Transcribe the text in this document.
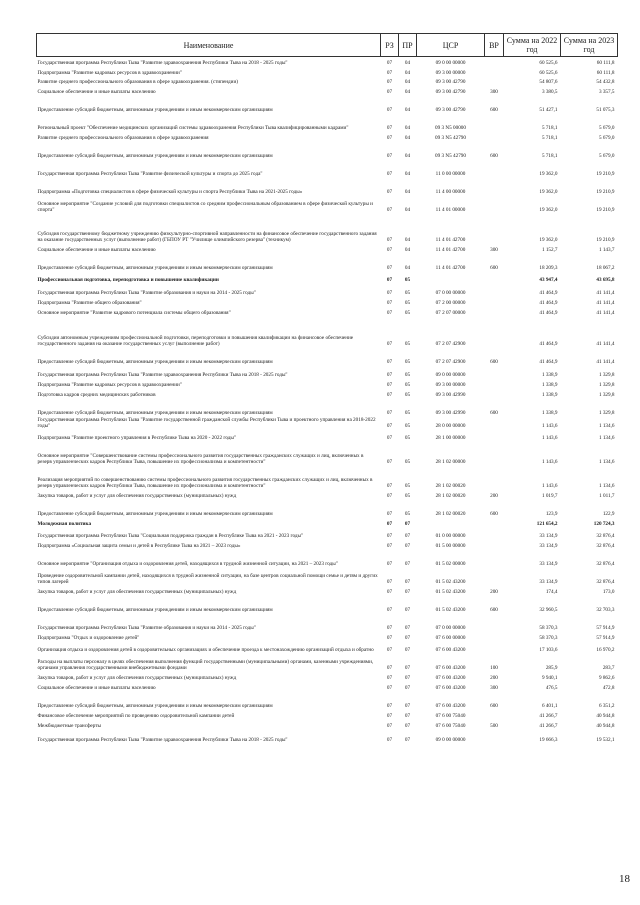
Наименование	РЗ	ПР	ЦСР	ВР	Сумма на 2022 год	Сумма на 2023 год
Государственная программа Республики Тыва "Развитие здравоохранения Республики Тыва на 2018 - 2025 годы"	07	04	09 0 00 00000		60 525,6	60 111,8
Подпрограмма "Развитие кадровых ресурсов в здравоохранении"	07	04	09 3 00 00000		60 525,6	60 111,8
Развитие среднего профессионального образования в сфере здравоохранения. (стипендии)	07	04	09 3 00 42790		54 807,6	54 432,8
Социальное обеспечение и иные выплаты населению	07	04	09 3 00 42790	300	3 380,5	3 357,5
Предоставление субсидий бюджетным, автономным учреждениям и иным некоммерческим организациям	07	04	09 3 00 42790	600	51 427,1	51 075,3
Региональный проект "Обеспечение медицинских организаций системы здравоохранения Республики Тыва квалифицированными кадрами"	07	04	09 3 N5 00000		5 718,1	5 679,0
Развитие среднего профессионального образования в сфере здравоохранения	07	04	09 3 N5 42790		5 718,1	5 679,0
Предоставление субсидий бюджетным, автономным учреждениям и иным некоммерческим организациям	07	04	09 3 N5 42790	600	5 718,1	5 679,0
Государственная программа Республики Тыва "Развитие физической культуры и спорта до 2025 года"	07	04	11 0 00 00000		19 362,0	19 210,9
Подпрограмма «Подготовка специалистов в сфере физической культуры и спорта Республики Тыва на 2021-2025 годы»	07	04	11 4 00 00000		19 362,0	19 210,9
Основное мероприятие "Создание условий для подготовки специалистов со средним профессиональным образованием в сфере физической культуры и спорта"	07	04	11 4 01 00000		19 362,0	19 210,9
Субсидия государственному бюджетному учреждению физкультурно-спортивной направленности на финансовое обеспечение государственного задания на оказание государственных услуг (выполнение работ) (ГБПОУ РТ "Училище олимпийского резерва" (техникум)	07	04	11 4 01 42700		19 362,0	19 210,9
Социальное обеспечение и иные выплаты населению	07	04	11 4 01 42700	300	1 152,7	1 143,7
Предоставление субсидий бюджетным, автономным учреждениям и иным некоммерческим организациям	07	04	11 4 01 42700	600	18 209,3	18 067,2
Профессиональная подготовка, переподготовка и повышение квалификации	07	05			43 947,4	43 695,8
Государственная программа Республики Тыва "Развитие образования и науки на 2014 - 2025 годы"	07	05	07 0 00 00000		41 464,9	41 141,4
Подпрограмма "Развитие общего образования"	07	05	07 2 00 00000		41 464,9	41 141,4
Основное мероприятие "Развитие кадрового потенциала системы общего образования"	07	05	07 2 07 00000		41 464,9	41 141,4
Субсидии автономным учреждениям профессиональной подготовки, переподготовки и повышения квалификации на финансовое обеспечение государственного задания на оказание государственных услуг (выполнение работ)	07	05	07 2 07 42900		41 464,9	41 141,4
Предоставление субсидий бюджетным, автономным учреждениям и иным некоммерческим организациям	07	05	07 2 07 42900	600	41 464,9	41 141,4
Государственная программа Республики Тыва "Развитие здравоохранения Республики Тыва на 2018 - 2025 годы"	07	05	09 0 00 00000		1 338,9	1 329,8
Подпрограмма "Развитие кадровых ресурсов в здравоохранении"	07	05	09 3 00 00000		1 338,9	1 329,8
Подготовка кадров средних медицинских работников	07	05	09 3 00 42990		1 338,9	1 329,8
Предоставление субсидий бюджетным, автономным учреждениям и иным некоммерческим организациям	07	05	09 3 00 42990	600	1 338,9	1 329,8
Государственная программа Республики Тыва "Развитие государственной гражданской службы Республики Тыва и проектного управления на 2018-2022 годы"	07	05	28 0 00 00000		1 143,6	1 134,6
Подпрограмма "Развитие проектного управления в Республике Тыва на 2020 - 2022 годы"	07	05	28 1 00 00000		1 143,6	1 134,6
Основное мероприятие "Совершенствование системы профессионального развития государственных гражданских служащих и лиц, включенных в резерв управленческих кадров Республики Тыва, повышение их профессионализма и компетентности"	07	05	28 1 02 00000		1 143,6	1 134,6
Реализация мероприятий по совершенствованию системы профессионального развития государственных гражданских служащих и лиц, включенных в резерв управленческих кадров Республики Тыва, повышение их профессионализма и компетентности"	07	05	28 1 02 00020		1 143,6	1 134,6
Закупка товаров, работ и услуг для обеспечения государственных (муниципальных) нужд	07	05	28 1 02 00020	200	1 019,7	1 011,7
Предоставление субсидий бюджетным, автономным учреждениям и иным некоммерческим организациям	07	05	28 1 02 00020	600	123,9	122,9
Молодежная политика	07	07			121 654,2	120 724,3
Государственная программа Республики Тыва "Социальная поддержка граждан в Республике Тыва на 2021 - 2023 годы"	07	07	01 0 00 00000		33 134,9	32 876,4
Подпрограмма «Социальная защита семьи и детей в Республике Тыва на 2021 – 2023 годы»	07	07	01 5 00 00000		33 134,9	32 876,4
Основное мероприятие "Организация отдыха и оздоровления детей, находящихся в трудной жизненной ситуации, на 2021 – 2023 годы"	07	07	01 5 02 00000		33 134,9	32 876,4
Проведение оздоровительной кампании детей, находящихся в трудной жизненной ситуации, на базе центров социальной помощи семье и детям и других типов лагерей	07	07	01 5 02 43200		33 134,9	32 876,4
Закупка товаров, работ и услуг для обеспечения государственных (муниципальных) нужд	07	07	01 5 02 43200	200	174,4	173,0
Предоставление субсидий бюджетным, автономным учреждениям и иным некоммерческим организациям	07	07	01 5 02 43200	600	32 960,5	32 703,3
Государственная программа Республики Тыва "Развитие образования и науки на 2014 - 2025 годы"	07	07	07 0 00 00000		58 370,3	57 914,9
Подпрограмма "Отдых и оздоровление детей"	07	07	07 6 00 00000		58 370,3	57 914,9
Организация отдыха и оздоровления детей в оздоровительных организациях и обеспечение проезда к местонахождению организаций отдыха и обратно	07	07	07 6 00 43200		17 103,6	16 970,2
Расходы на выплаты персоналу в целях обеспечения выполнения функций государственными (муниципальными) органами, казенными учреждениями, органами управления государственными внебюджетными фондами	07	07	07 6 00 43200	100	285,9	283,7
Закупка товаров, работ и услуг для обеспечения государственных (муниципальных) нужд	07	07	07 6 00 43200	200	9 940,1	9 862,6
Социальное обеспечение и иные выплаты населению	07	07	07 6 00 43200	300	476,5	472,8
Предоставление субсидий бюджетным, автономным учреждениям и иным некоммерческим организациям	07	07	07 6 00 43200	600	6 401,1	6 351,2
Финансовое обеспечение мероприятий по проведению оздоровительной кампании детей	07	07	07 6 00 75040		41 266,7	40 944,8
Межбюджетные трансферты	07	07	07 6 00 75040	500	41 266,7	40 944,8
Государственная программа Республики Тыва "Развитие здравоохранения Республики Тыва на 2018 - 2025 годы"	07	07	09 0 00 00000		19 666,3	19 532,1
18
